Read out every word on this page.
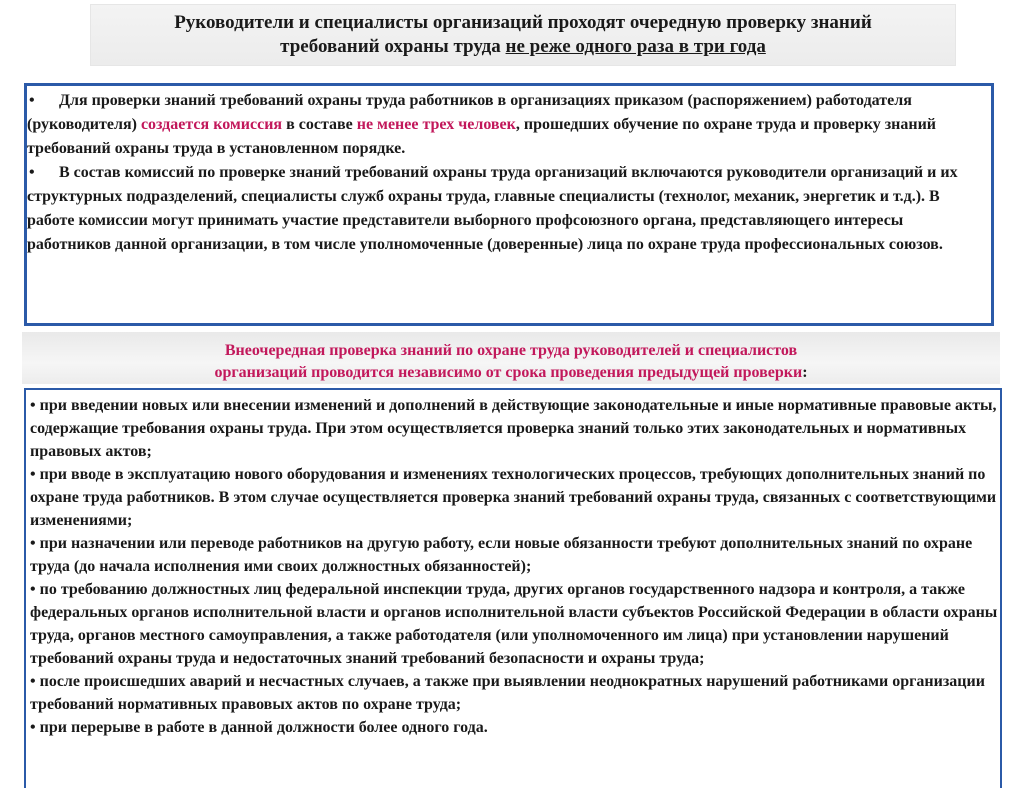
Руководители и специалисты организаций проходят очередную проверку знаний
требований охраны труда не реже одного раза в три года

• Для проверки знаний требований охраны труда работников в организациях приказом (распоряжением) работодателя (руководителя) создается комиссия в составе не менее трех человек, прошедших обучение по охране труда и проверку знаний требований охраны труда в установленном порядке.

• В состав комиссий по проверке знаний требований охраны труда организаций включаются руководители организаций и их структурных подразделений, специалисты служб охраны труда, главные специалисты (технолог, механик, энергетик и т.д.). В работе комиссии могут принимать участие представители выборного профсоюзного органа, представляющего интересы работников данной организации, в том числе уполномоченные (доверенные) лица по охране труда профессиональных союзов.

Внеочередная проверка знаний по охране труда руководителей и специалистов
организаций проводится независимо от срока проведения предыдущей проверки:

• при введении новых или внесении изменений и дополнений в действующие законодательные и иные нормативные правовые акты, содержащие требования охраны труда. При этом осуществляется проверка знаний только этих законодательных и нормативных правовых актов;

• при вводе в эксплуатацию нового оборудования и изменениях технологических процессов, требующих дополнительных знаний по охране труда работников. В этом случае осуществляется проверка знаний требований охраны труда, связанных с соответствующими изменениями;

• при назначении или переводе работников на другую работу, если новые обязанности требуют дополнительных знаний по охране труда (до начала исполнения ими своих должностных обязанностей);

• по требованию должностных лиц федеральной инспекции труда, других органов государственного надзора и контроля, а также федеральных органов исполнительной власти и органов исполнительной власти субъектов Российской Федерации в области охраны труда, органов местного самоуправления, а также работодателя (или уполномоченного им лица) при установлении нарушений требований охраны труда и недостаточных знаний требований безопасности и охраны труда;

• после происшедших аварий и несчастных случаев, а также при выявлении неоднократных нарушений работниками организации требований нормативных правовых актов по охране труда;

• при перерыве в работе в данной должности более одного года.
